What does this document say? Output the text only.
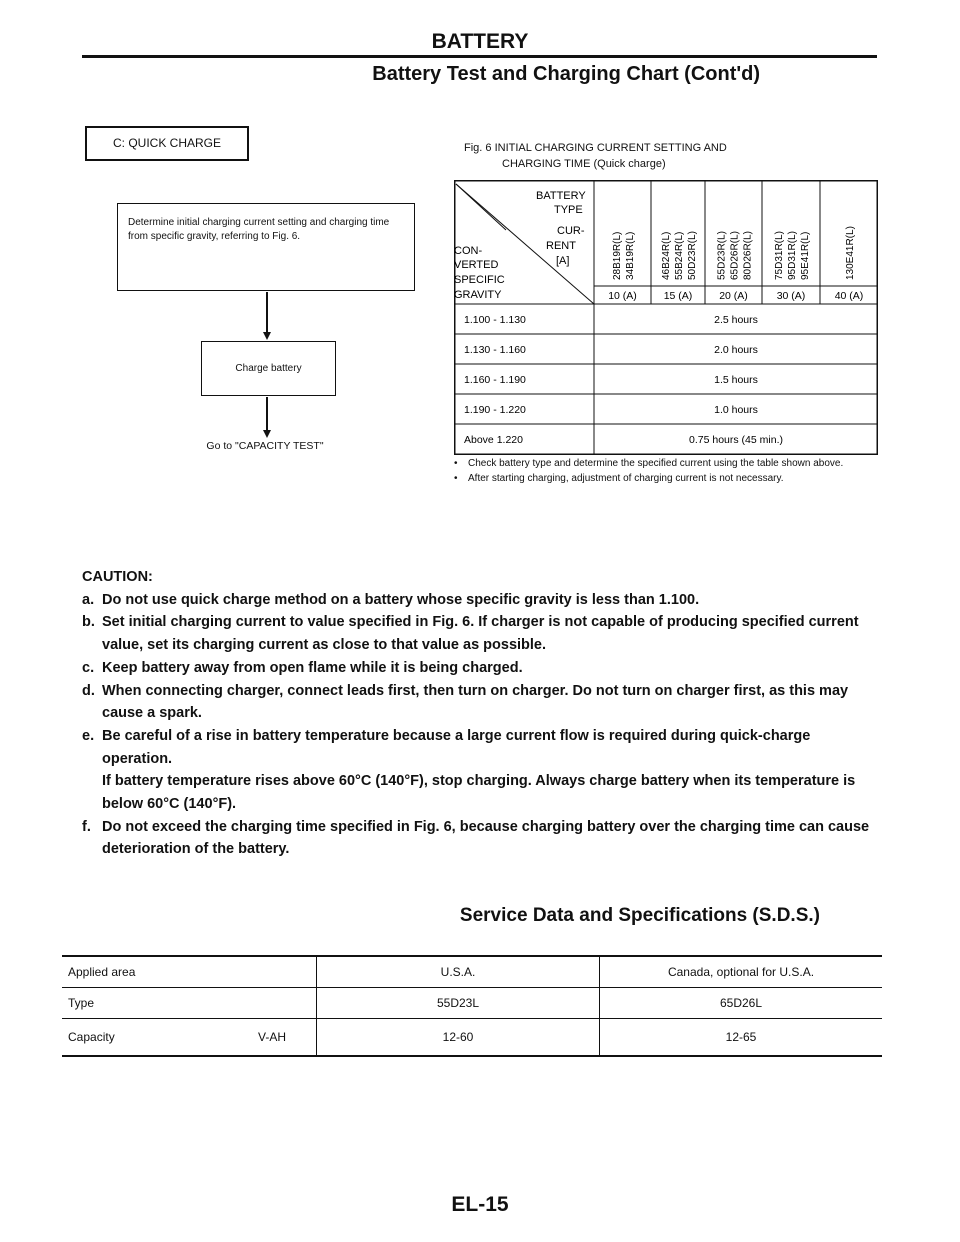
BATTERY
Battery Test and Charging Chart (Cont'd)
C: QUICK CHARGE
Determine initial charging current setting and charging time from specific gravity, referring to Fig. 6.
Charge battery
Go to "CAPACITY TEST"
Fig. 6 INITIAL CHARGING CURRENT SETTING AND
CHARGING TIME (Quick charge)
BATTERY
TYPE
CUR-
RENT
[A]
CON-
VERTED
SPECIFIC
GRAVITY
28B19R(L) 34B19R(L)
10 (A)
46B24R(L) 55B24R(L) 50D23R(L)
15 (A)
55D23R(L) 65D26R(L) 80D26R(L)
20 (A)
75D31R(L) 95D31R(L) 95E41R(L)
30 (A)
130E41R(L)
40 (A)
1.100 - 1.130	2.5 hours
1.130 - 1.160	2.0 hours
1.160 - 1.190	1.5 hours
1.190 - 1.220	1.0 hours
Above 1.220	0.75 hours (45 min.)
• Check battery type and determine the specified current using the table shown above.
• After starting charging, adjustment of charging current is not necessary.
CAUTION:
a. Do not use quick charge method on a battery whose specific gravity is less than 1.100.
b. Set initial charging current to value specified in Fig. 6. If charger is not capable of producing specified current value, set its charging current as close to that value as possible.
c. Keep battery away from open flame while it is being charged.
d. When connecting charger, connect leads first, then turn on charger. Do not turn on charger first, as this may cause a spark.
e. Be careful of a rise in battery temperature because a large current flow is required during quick-charge operation.
If battery temperature rises above 60°C (140°F), stop charging. Always charge battery when its temperature is below 60°C (140°F).
f. Do not exceed the charging time specified in Fig. 6, because charging battery over the charging time can cause deterioration of the battery.
Service Data and Specifications (S.D.S.)
Applied area	U.S.A.	Canada, optional for U.S.A.
Type	55D23L	65D26L
Capacity V-AH	12-60	12-65
EL-15
